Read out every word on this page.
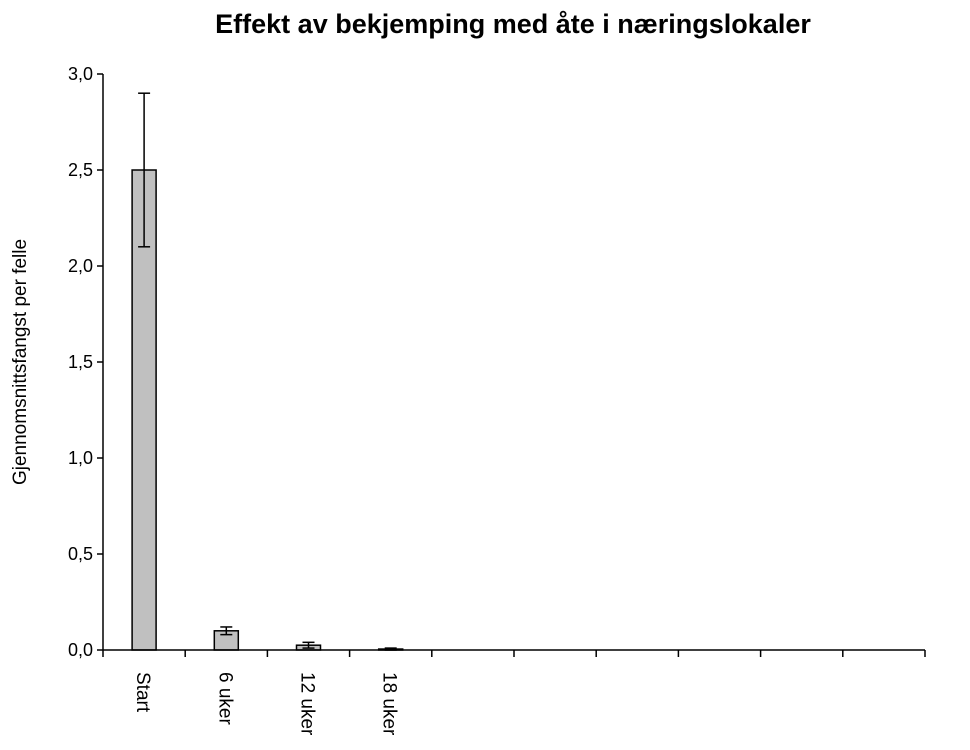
Effekt av bekjemping med åte i næringslokaler
Gjennomsnittsfangst per felle
0,0
0,5
1,0
1,5
2,0
2,5
3,0
Start	6 uker	12 uker	18 uker
